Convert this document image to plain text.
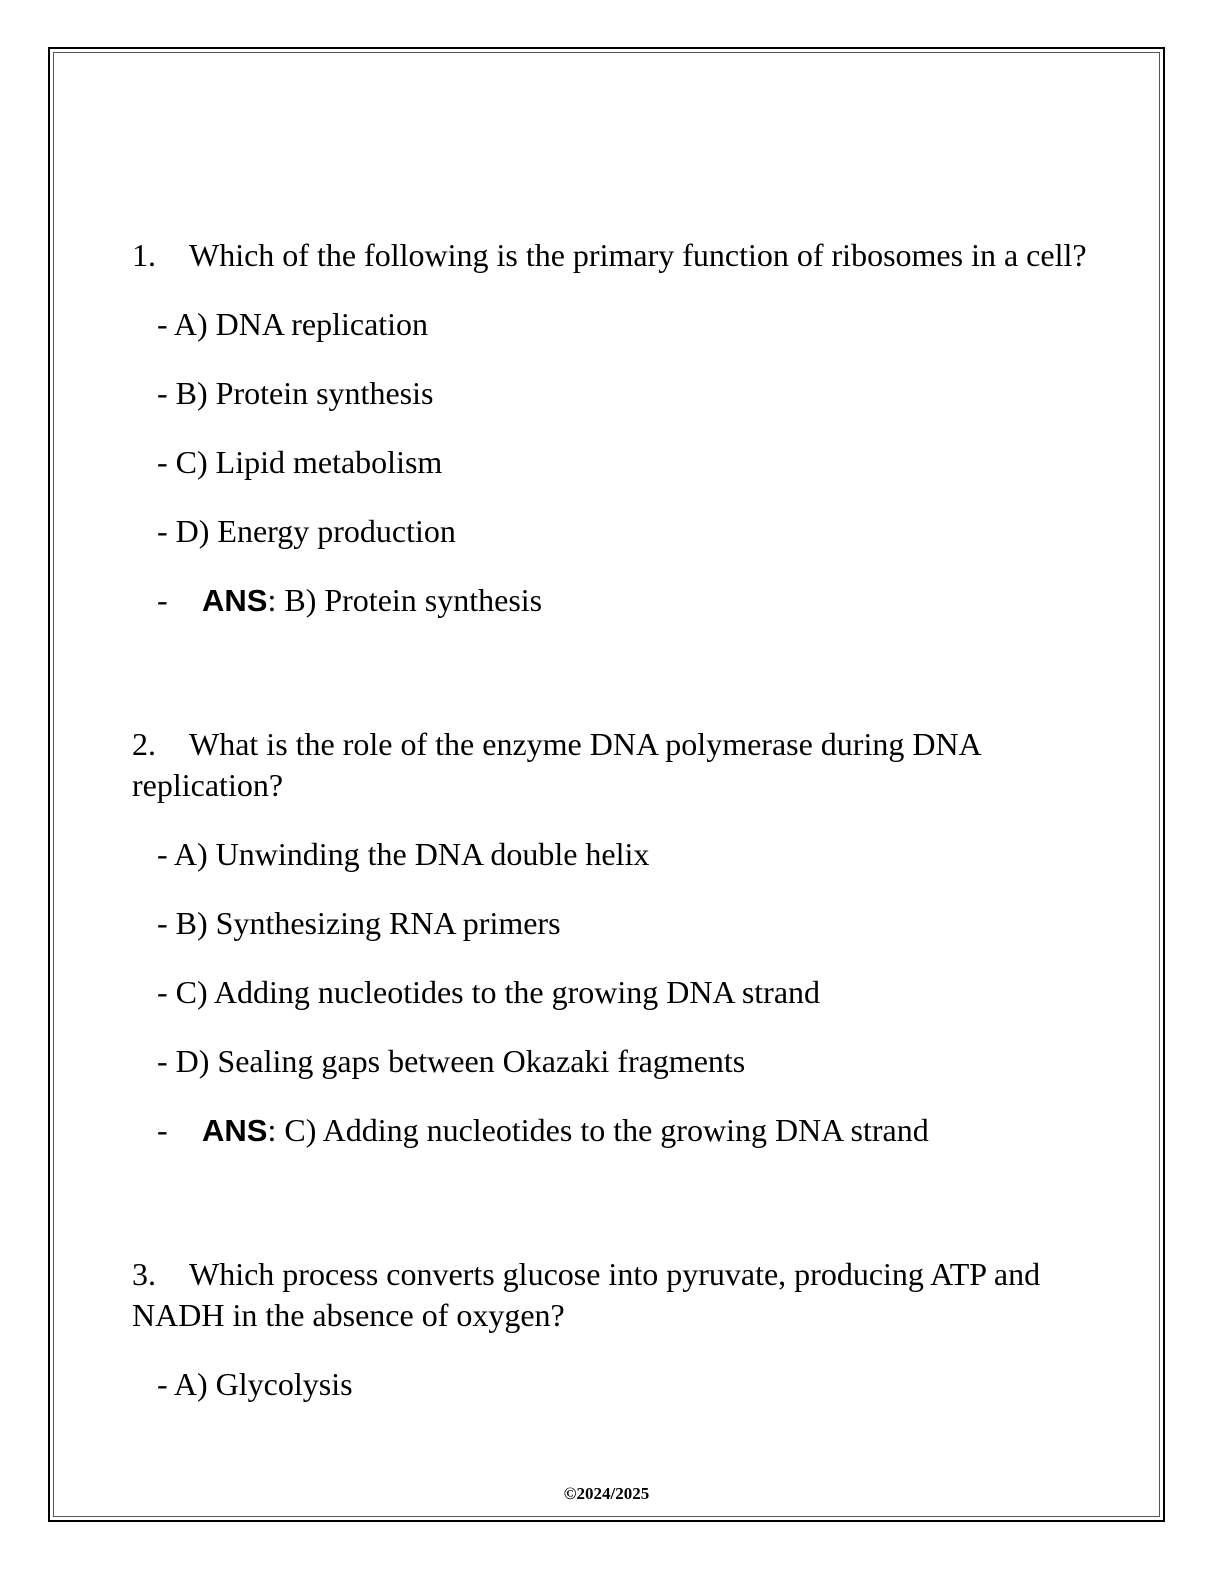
1. Which of the following is the primary function of ribosomes in a cell?

- A) DNA replication
- B) Protein synthesis
- C) Lipid metabolism
- D) Energy production
- ANS: B) Protein synthesis

2. What is the role of the enzyme DNA polymerase during DNA replication?

- A) Unwinding the DNA double helix
- B) Synthesizing RNA primers
- C) Adding nucleotides to the growing DNA strand
- D) Sealing gaps between Okazaki fragments
- ANS: C) Adding nucleotides to the growing DNA strand

3. Which process converts glucose into pyruvate, producing ATP and NADH in the absence of oxygen?

- A) Glycolysis
©2024/2025
